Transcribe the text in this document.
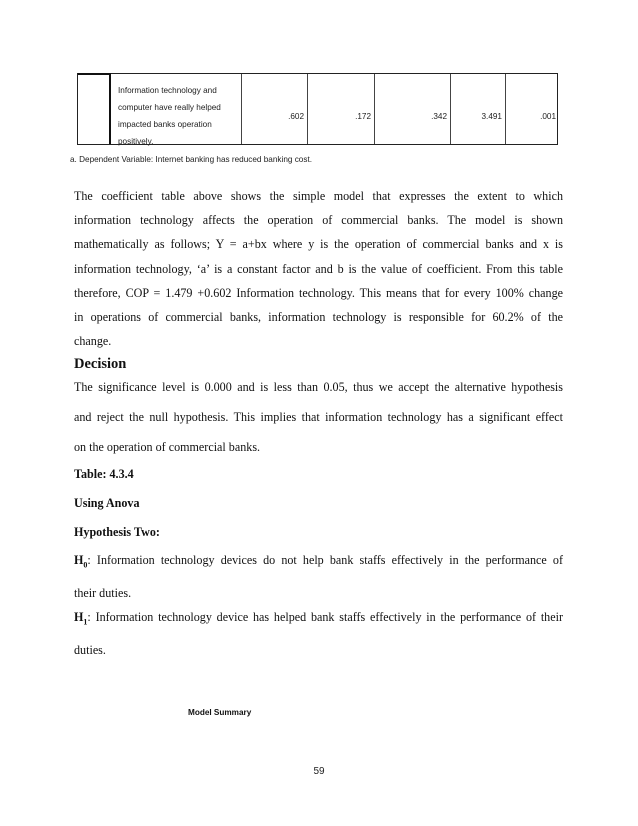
Information technology and
computer have really helped
impacted banks operation
positively.
.602	.172	.342	3.491	.001
a. Dependent Variable: Internet banking has reduced banking cost.
The coefficient table above shows the simple model that expresses the extent to which
information technology affects the operation of commercial banks. The model is shown
mathematically as follows; Y = a+bx where y is the operation of commercial banks and x is
information technology, ‘a’ is a constant factor and b is the value of coefficient. From this table
therefore, COP = 1.479 +0.602 Information technology. This means that for every 100% change
in operations of commercial banks, information technology is responsible for 60.2% of the
change.
Decision
The significance level is 0.000 and is less than 0.05, thus we accept the alternative hypothesis
and reject the null hypothesis. This implies that information technology has a significant effect
on the operation of commercial banks.
Table: 4.3.4
Using Anova
Hypothesis Two:
$H_0$: Information technology devices do not help bank staffs effectively in the performance of
their duties.
$H_1$: Information technology device has helped bank staffs effectively in the performance of their
duties.
Model Summary
59
